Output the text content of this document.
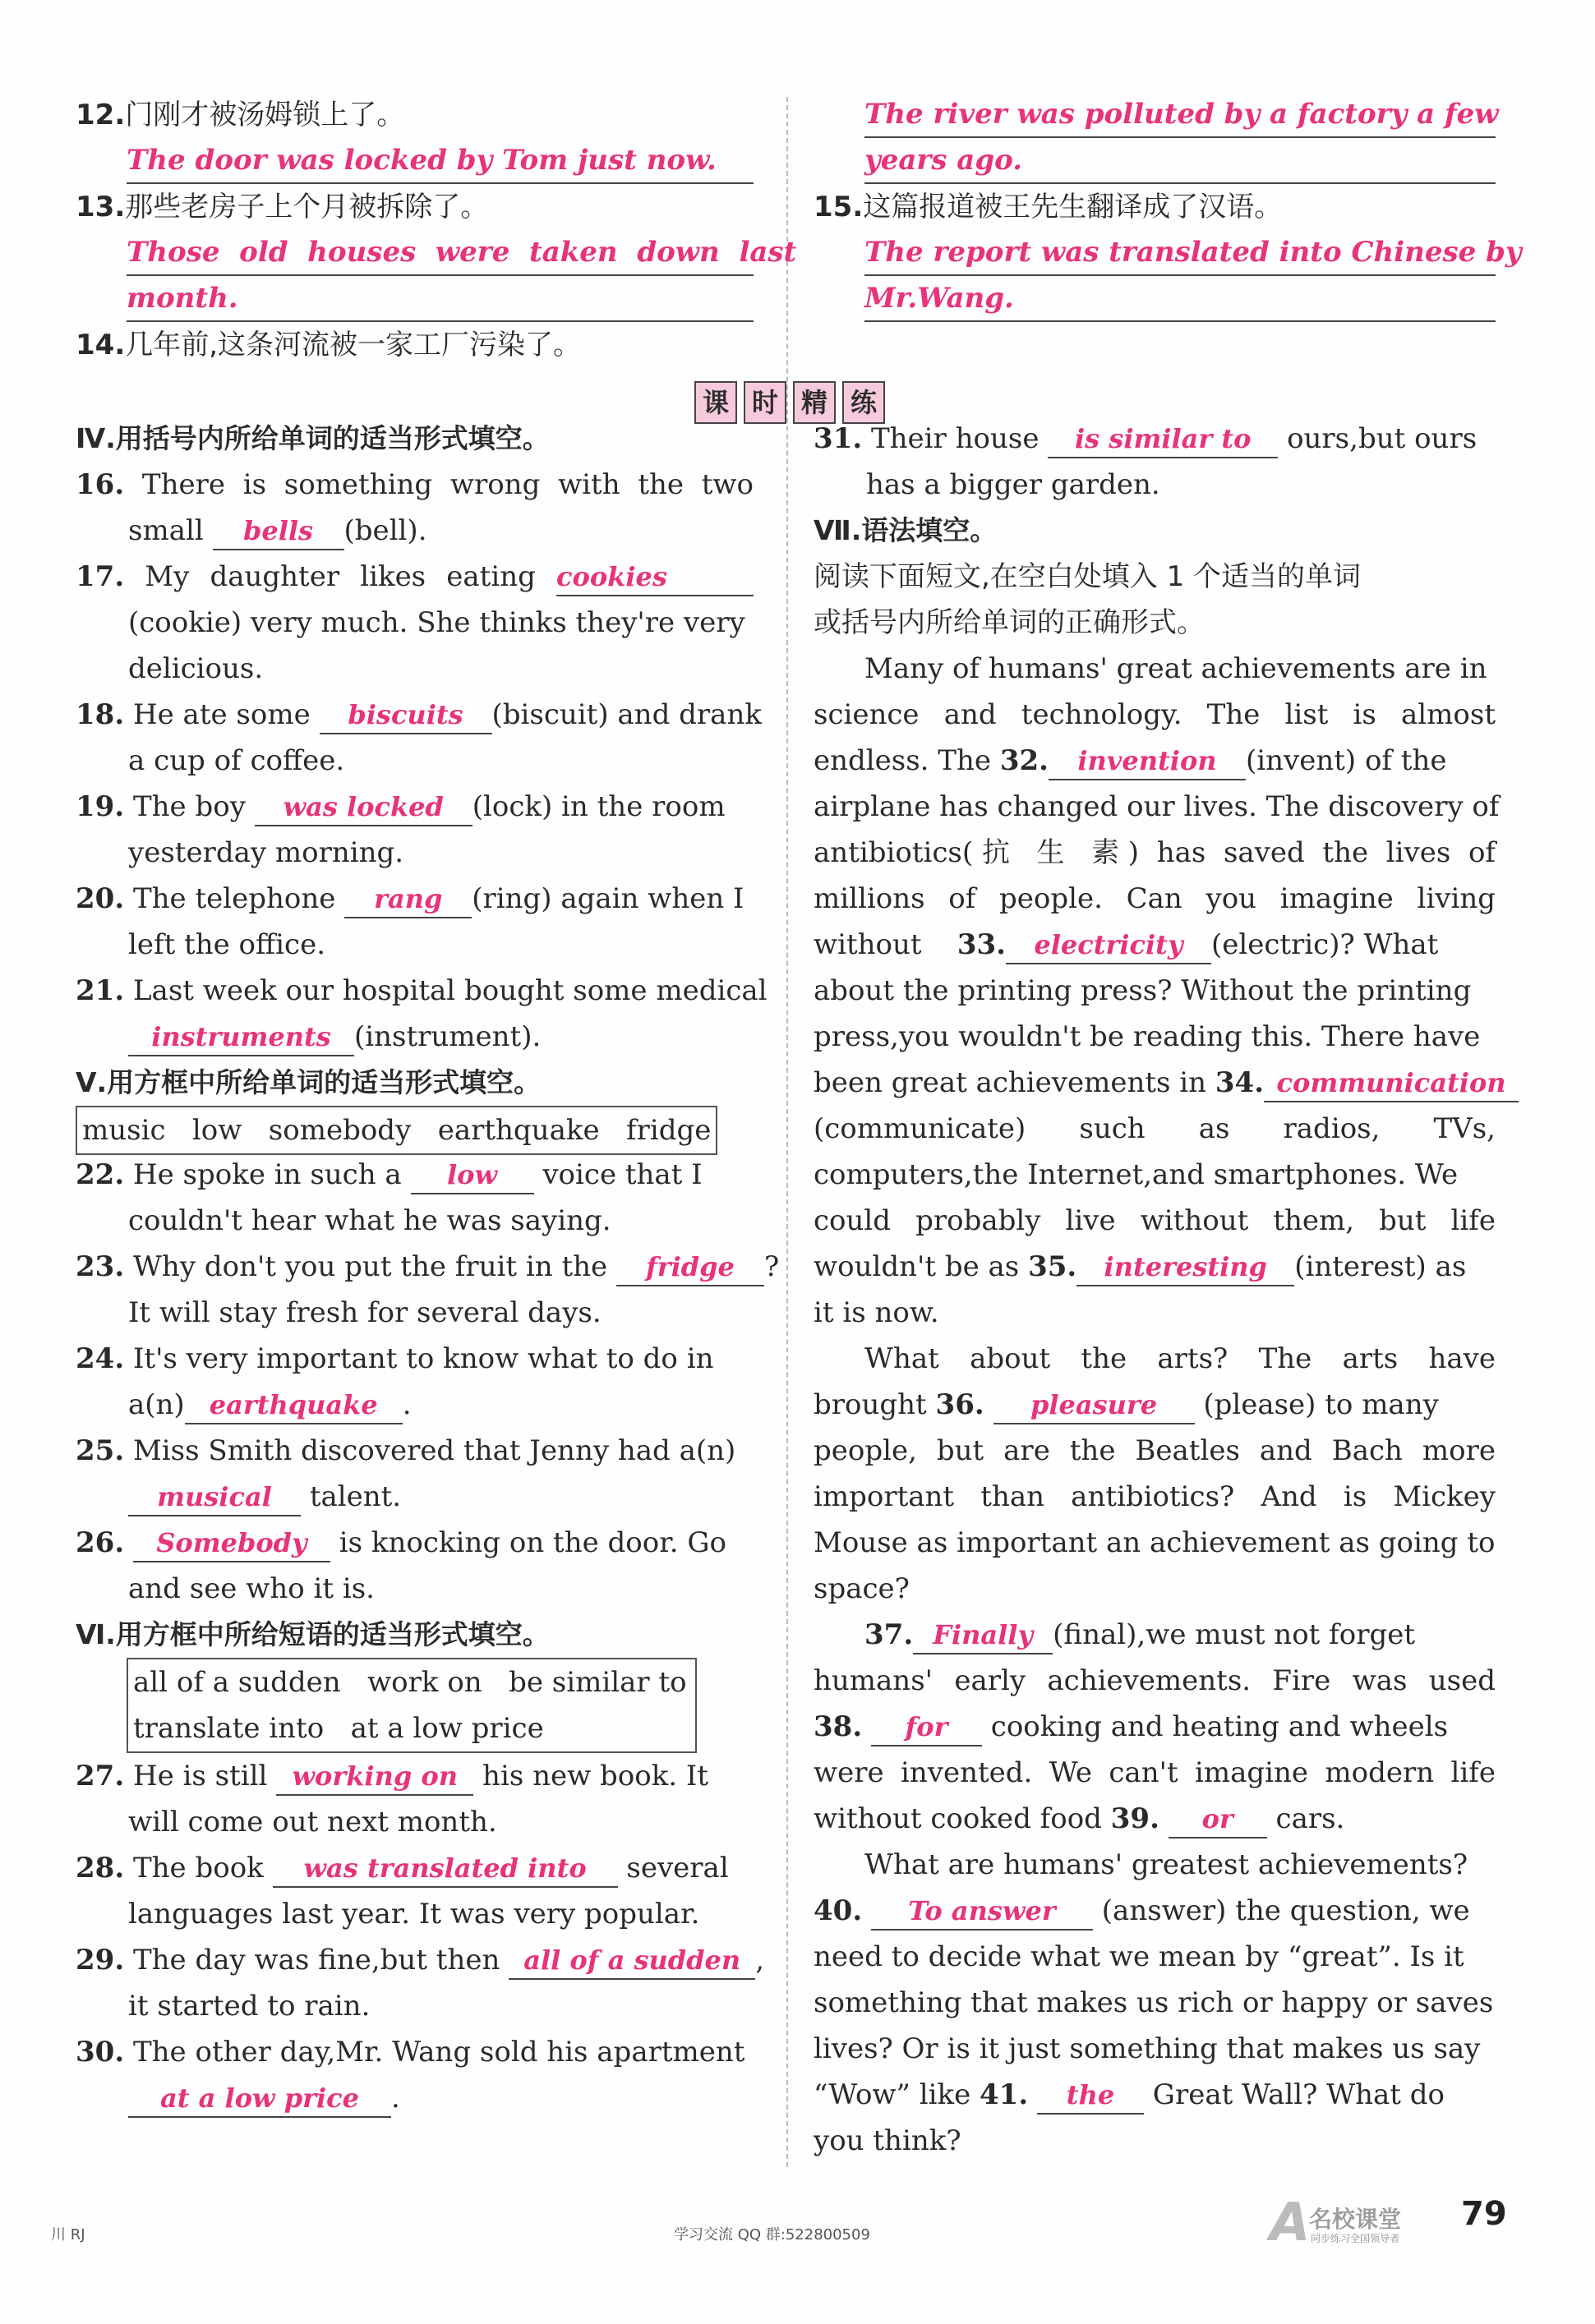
12.门刚才被汤姆锁上了。
The door was locked by Tom just now.
13.那些老房子上个月被拆除了。
Those  old  houses  were  taken  down  last
month.
14.几年前,这条河流被一家工厂污染了。
Ⅳ.用括号内所给单词的适当形式填空。
16. There is something wrong with the two
small bells (bell).
17. My daughter likes eating cookies
(cookie) very much. She thinks they're very
delicious.
18. He ate some biscuits (biscuit) and drank
a cup of coffee.
19. The boy was locked (lock) in the room
yesterday morning.
20. The telephone rang (ring) again when I
left the office.
21. Last week our hospital bought some medical
instruments (instrument).
Ⅴ.用方框中所给单词的适当形式填空。
music   low   somebody   earthquake   fridge
22. He spoke in such a low voice that I
couldn't hear what he was saying.
23. Why don't you put the fruit in the fridge ?
It will stay fresh for several days.
24. It's very important to know what to do in
a(n) earthquake .
25. Miss Smith discovered that Jenny had a(n)
musical talent.
26. Somebody is knocking on the door. Go
and see who it is.
Ⅵ.用方框中所给短语的适当形式填空。
all of a sudden   work on   be similar to
translate into   at a low price
27. He is still working on his new book. It
will come out next month.
28. The book was translated into several
languages last year. It was very popular.
29. The day was fine,but then all of a sudden ,
it started to rain.
30. The other day,Mr. Wang sold his apartment
at a low price .
课 时 精 练
The river was polluted by a factory a few
years ago.
15.这篇报道被王先生翻译成了汉语。
The report was translated into Chinese by
Mr.Wang.
31. Their house is similar to ours,but ours
has a bigger garden.
Ⅶ.语法填空。
阅读下面短文,在空白处填入 1 个适当的单词
或括号内所给单词的正确形式。
Many of humans' great achievements are in
science and technology. The list is almost
endless. The 32. invention (invent) of the
airplane has changed our lives. The discovery of
antibiotics(抗 生 素) has saved the lives of
millions of people. Can you imagine living
without 33. electricity (electric)? What
about the printing press? Without the printing
press,you wouldn't be reading this. There have
been great achievements in 34. communication
(communicate) such as radios, TVs,
computers,the Internet,and smartphones. We
could probably live without them, but life
wouldn't be as 35. interesting (interest) as
it is now.
What about the arts? The arts have
brought 36. pleasure (please) to many
people, but are the Beatles and Bach more
important than antibiotics? And is Mickey
Mouse as important an achievement as going to
space?
37. Finally (final),we must not forget
humans' early achievements. Fire was used
38. for cooking and heating and wheels
were invented. We can't imagine modern life
without cooked food 39. or cars.
What are humans' greatest achievements?
40. To answer (answer) the question, we
need to decide what we mean by “great”. Is it
something that makes us rich or happy or saves
lives? Or is it just something that makes us say
“Wow” like 41. the Great Wall? What do
you think?
川 RJ	学习交流 QQ 群:522800509	A
名校课堂
同步练习全国领导者
79
